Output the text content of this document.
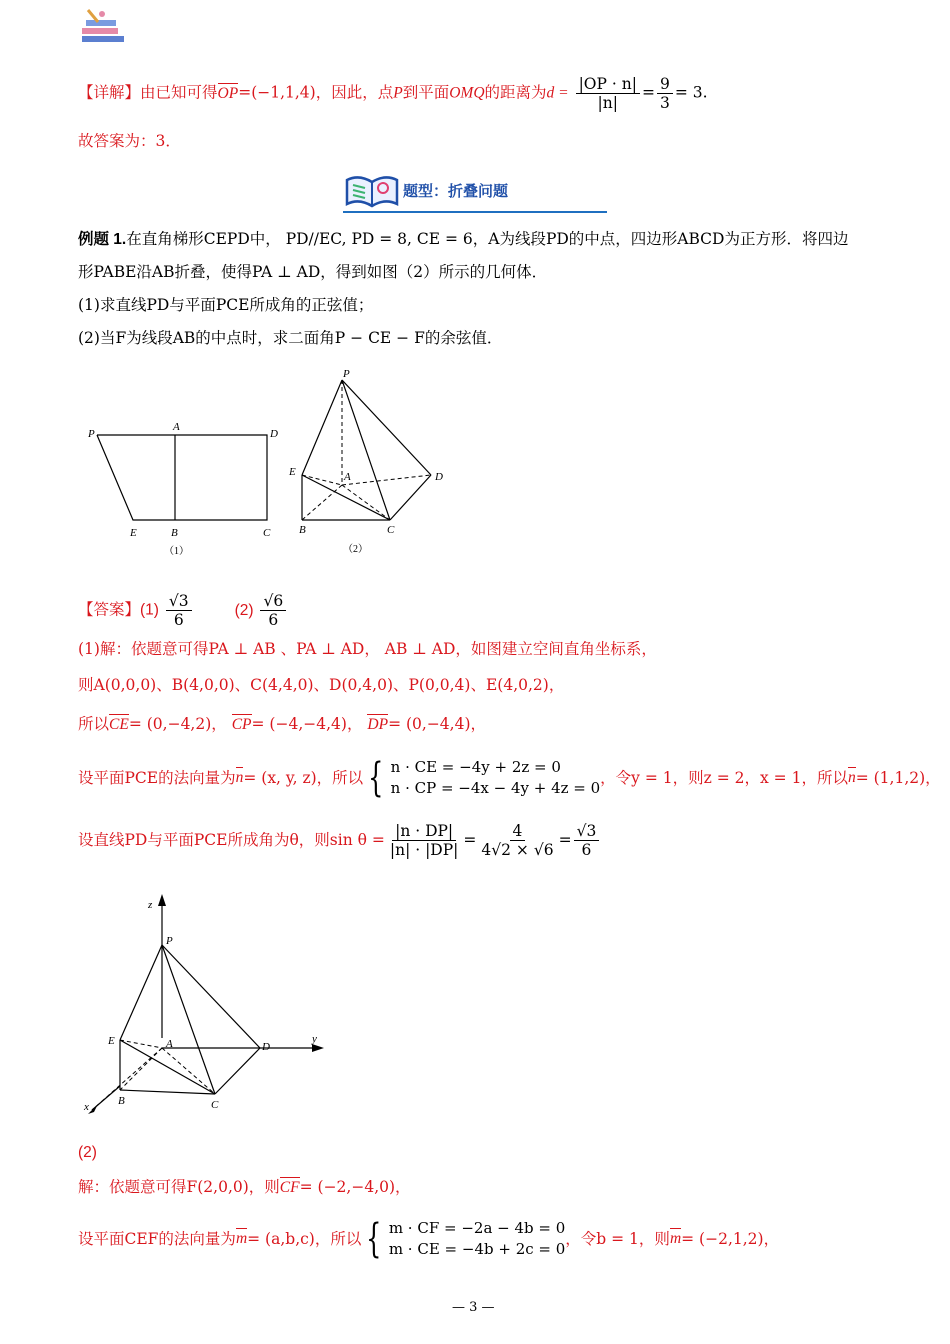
【详解】由已知可得OP=(−1,1,4)，因此，点P到平面OMQ的距离为$d = \frac{|OP \cdot n|}{|n|} = \frac{9}{3} = 3$.
故答案为：3．
题型：折叠问题
例题 1.在直角梯形CEPD中， PD//EC, PD = 8, CE = 6，A为线段PD的中点，四边形ABCD为正方形．将四边
形PABE沿AB折叠，使得PA ⊥ AD，得到如图（2）所示的几何体．
(1)求直线PD与平面PCE所成角的正弦值；
(2)当F为线段AB的中点时，求二面角P − CE − F的余弦值．
P
A
D
E	B	C
（1）
P
E	A	D
B	C
（2）
【答案】$(1) \frac{√3}{6}$	$(2) \frac{√6}{6}$
(1)解：依题意可得PA ⊥ AB 、PA ⊥ AD， AB ⊥ AD，如图建立空间直角坐标系，
则A(0,0,0)、B(4,0,0)、C(4,4,0)、D(0,4,0)、P(0,0,4)、E(4,0,2)，
所以CE= (0,−4,2)， CP= (−4,−4,4)， DP= (0,−4,4)，
设平面PCE的法向量为 n = (x, y, z)，所以 { n · CE = −4y + 2z = 0
n · CP = −4x − 4y + 4z = 0
，令y = 1，则z = 2，x = 1，所以 n = (1,1,2)，
设直线PD与平面PCE所成角为θ，则$\sin \theta = \frac{|n \cdot DP|}{|n| \cdot |DP|} = \frac{4}{4√2 \times √6} = \frac{√3}{6}$
z
P
E	A	D
y
x	B	C
(2)
解：依题意可得F(2,0,0)，则CF= (−2,−4,0)，
设平面CEF的法向量为 m = (a,b,c)，所以 { m · CF = −2a − 4b = 0
m · CE = −4b + 2c = 0
，令b = 1，则 m = (−2,1,2)，
— 3 —
